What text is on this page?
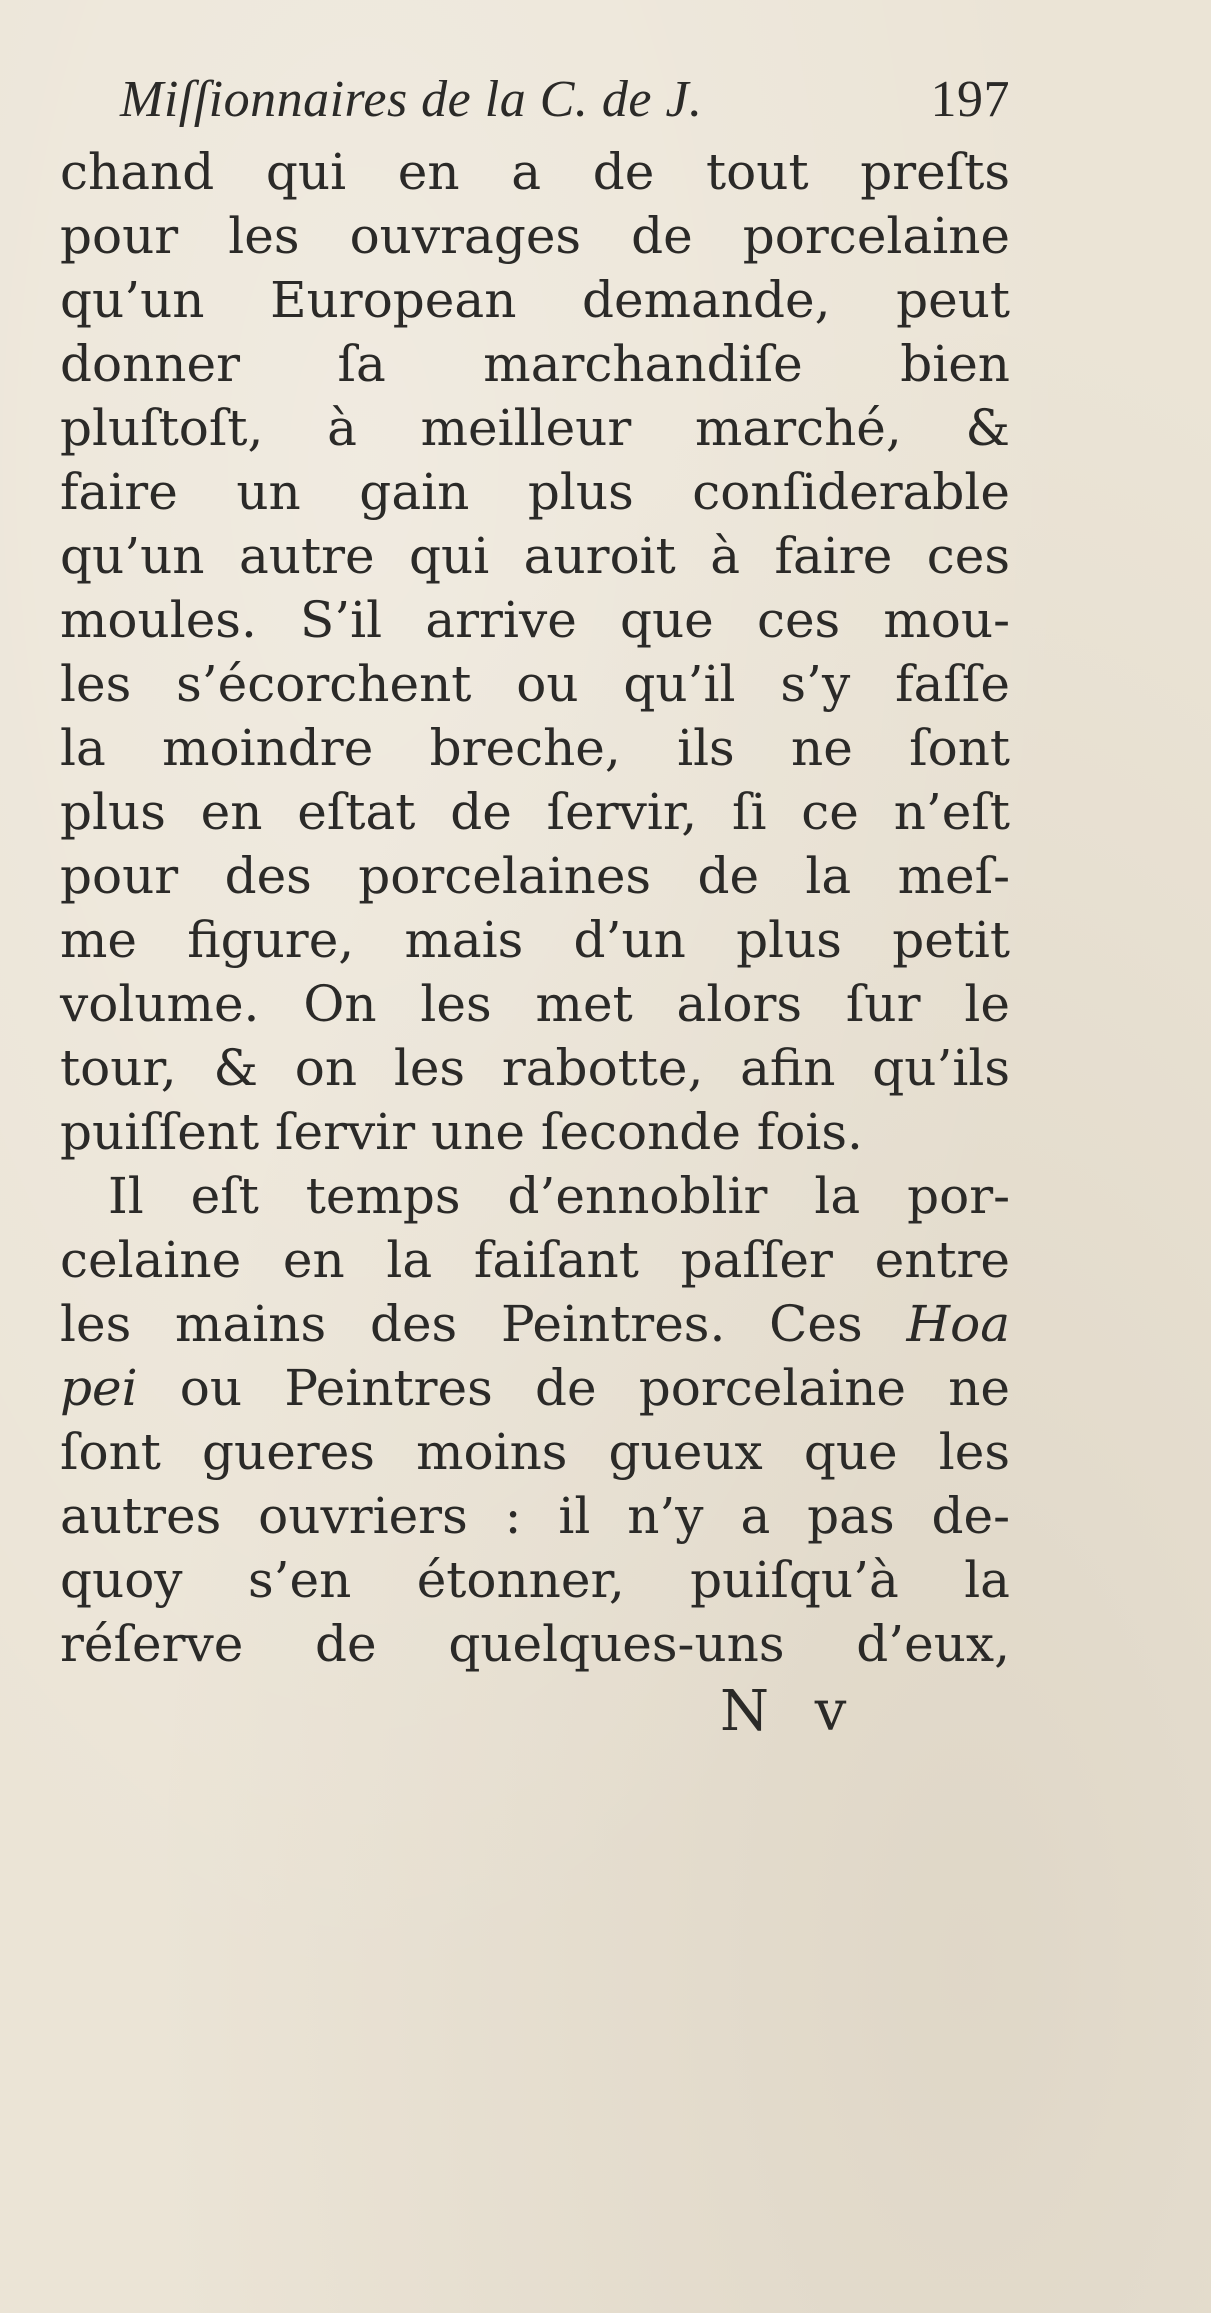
Miſſionnaires de la C. de J.	197
chand qui en a de tout preſts
pour les ouvrages de porcelaine
qu’un European demande, peut
donner ſa marchandiſe bien
pluſtoſt, à meilleur marché, &
faire un gain plus conſiderable
qu’un autre qui auroit à faire ces
moules. S’il arrive que ces mou-
les s’écorchent ou qu’il s’y faſſe
la moindre breche, ils ne ſont
plus en eſtat de ſervir, ſi ce n’eſt
pour des porcelaines de la meſ-
me figure, mais d’un plus petit
volume. On les met alors ſur le
tour, & on les rabotte, afin qu’ils
puiſſent ſervir une ſeconde fois.
Il eſt temps d’ennoblir la por-
celaine en la faiſant paſſer entre
les mains des Peintres. Ces Hoa
pei ou Peintres de porcelaine ne
ſont gueres moins gueux que les
autres ouvriers : il n’y a pas de-
quoy s’en étonner, puiſqu’à la
réſerve de quelques-uns d’eux,
N v
